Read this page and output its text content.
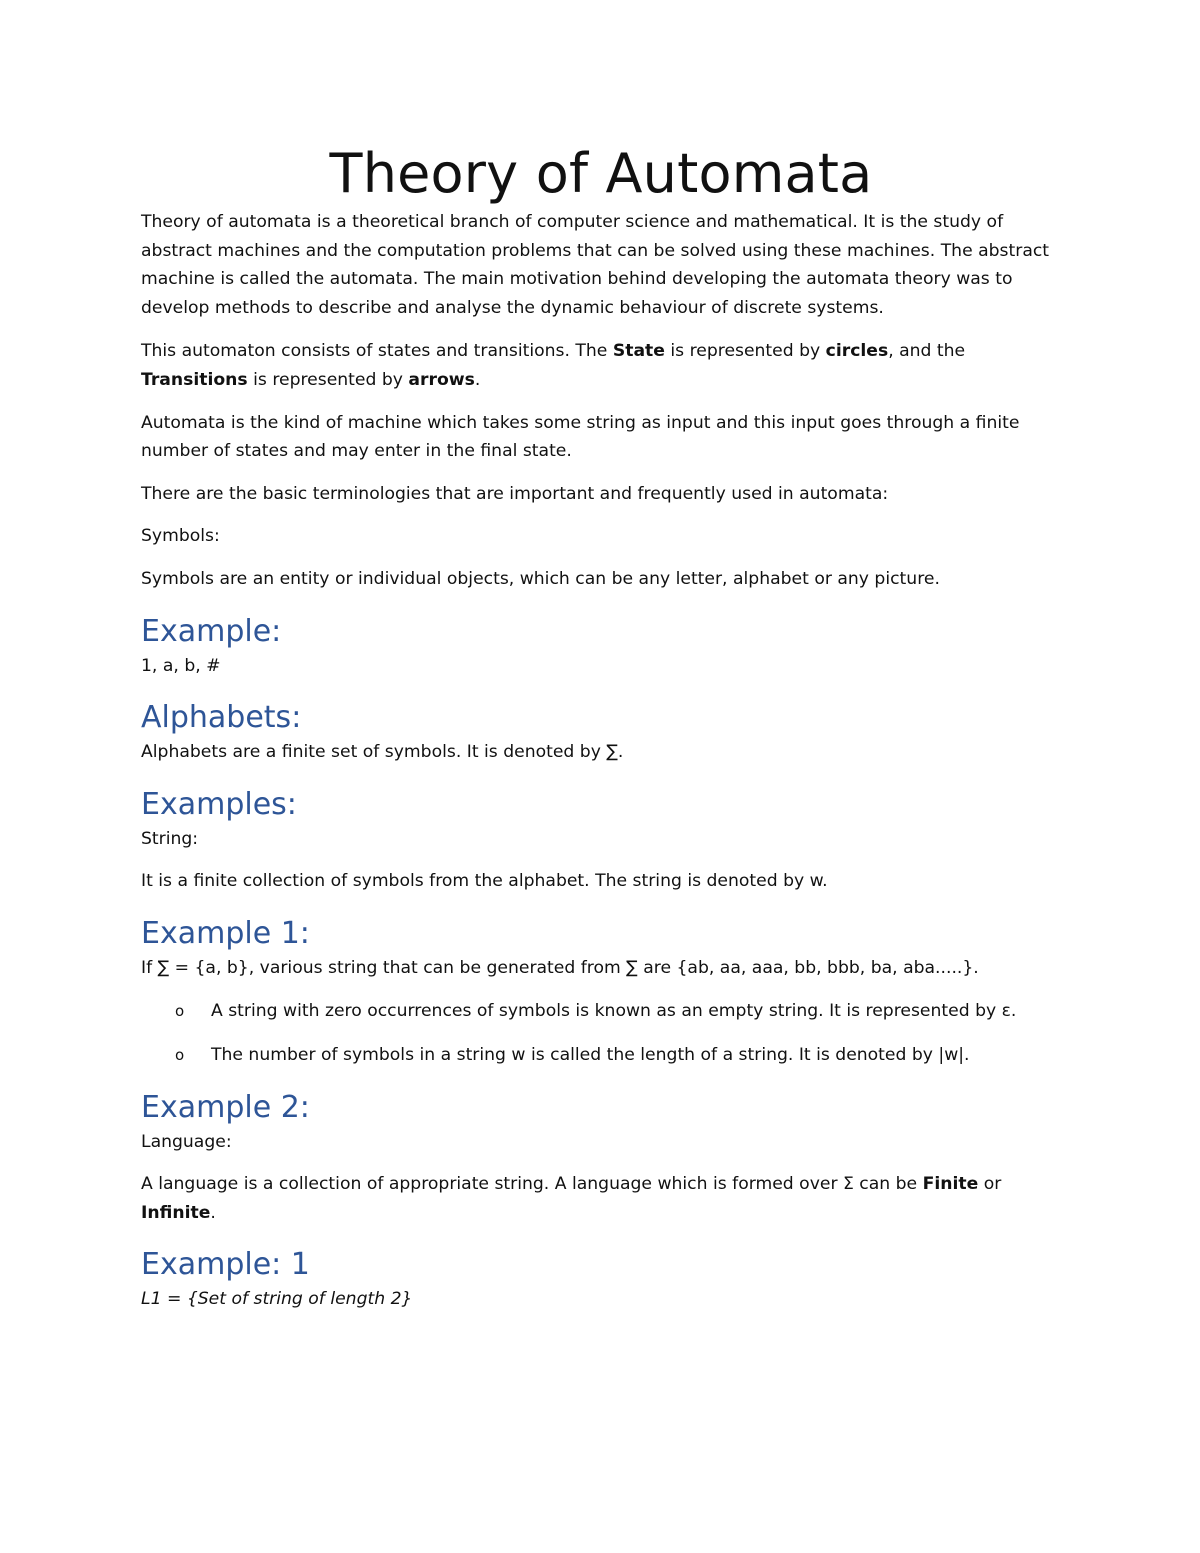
Theory of Automata

Theory of automata is a theoretical branch of computer science and mathematical. It is the study of abstract machines and the computation problems that can be solved using these machines. The abstract machine is called the automata. The main motivation behind developing the automata theory was to develop methods to describe and analyse the dynamic behaviour of discrete systems.

This automaton consists of states and transitions. The State is represented by circles, and the
Transitions is represented by arrows.

Automata is the kind of machine which takes some string as input and this input goes through a finite number of states and may enter in the final state.

There are the basic terminologies that are important and frequently used in automata:

Symbols:

Symbols are an entity or individual objects, which can be any letter, alphabet or any picture.

Example:

1, a, b, #

Alphabets:

Alphabets are a finite set of symbols. It is denoted by ∑.

Examples:

String:

It is a finite collection of symbols from the alphabet. The string is denoted by w.

Example 1:

If ∑ = {a, b}, various string that can be generated from ∑ are {ab, aa, aaa, bb, bbb, ba, aba.....}.

o A string with zero occurrences of symbols is known as an empty string. It is represented by ε.
o The number of symbols in a string w is called the length of a string. It is denoted by |w|.
Example 2:

Language:

A language is a collection of appropriate string. A language which is formed over Σ can be Finite or Infinite.

Example: 1

L1 = {Set of string of length 2}
